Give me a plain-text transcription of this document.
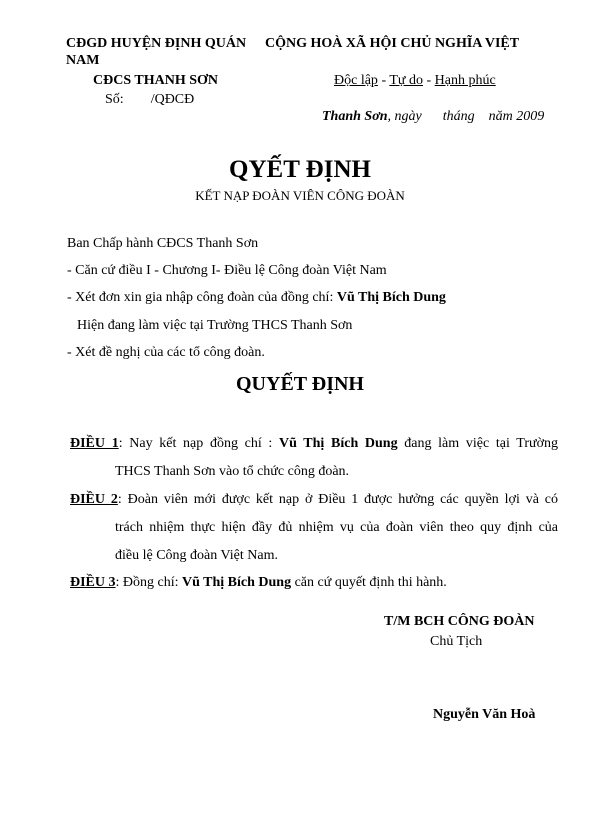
CĐGD HUYỆN ĐỊNH QUÁN
NAM
CĐCS THANH SƠN
Số: /QĐCĐ
CỘNG HOÀ XÃ HỘI CHỦ NGHĨA VIỆT
Độc lập - Tự do - Hạnh phúc
Thanh Sơn, ngày      tháng    năm 2009
QYẾT ĐỊNH
KẾT NẠP ĐOÀN VIÊN CÔNG ĐOÀN
Ban Chấp hành CĐCS Thanh Sơn
- Căn cứ điều I - Chương I- Điều lệ Công đoàn Việt Nam
- Xét đơn xin gia nhập công đoàn của đồng chí: Vũ Thị Bích Dung
Hiện đang làm việc tại Trường THCS Thanh Sơn
- Xét đề nghị của các tổ công đoàn.
QUYẾT ĐỊNH
ĐIỀU 1: Nay kết nạp đồng chí : Vũ Thị Bích Dung đang làm việc tại Trường
THCS Thanh Sơn vào tổ chức công đoàn.
ĐIỀU 2: Đoàn viên mới được kết nạp ở Điều 1 được hưởng các quyền lợi và có
trách nhiệm thực hiện đầy đủ nhiệm vụ của đoàn viên theo quy định của
điều lệ Công đoàn Việt Nam.
ĐIỀU 3: Đồng chí: Vũ Thị Bích Dung căn cứ quyết định thi hành.
T/M BCH CÔNG ĐOÀN
Chủ Tịch
Nguyễn Văn Hoà
